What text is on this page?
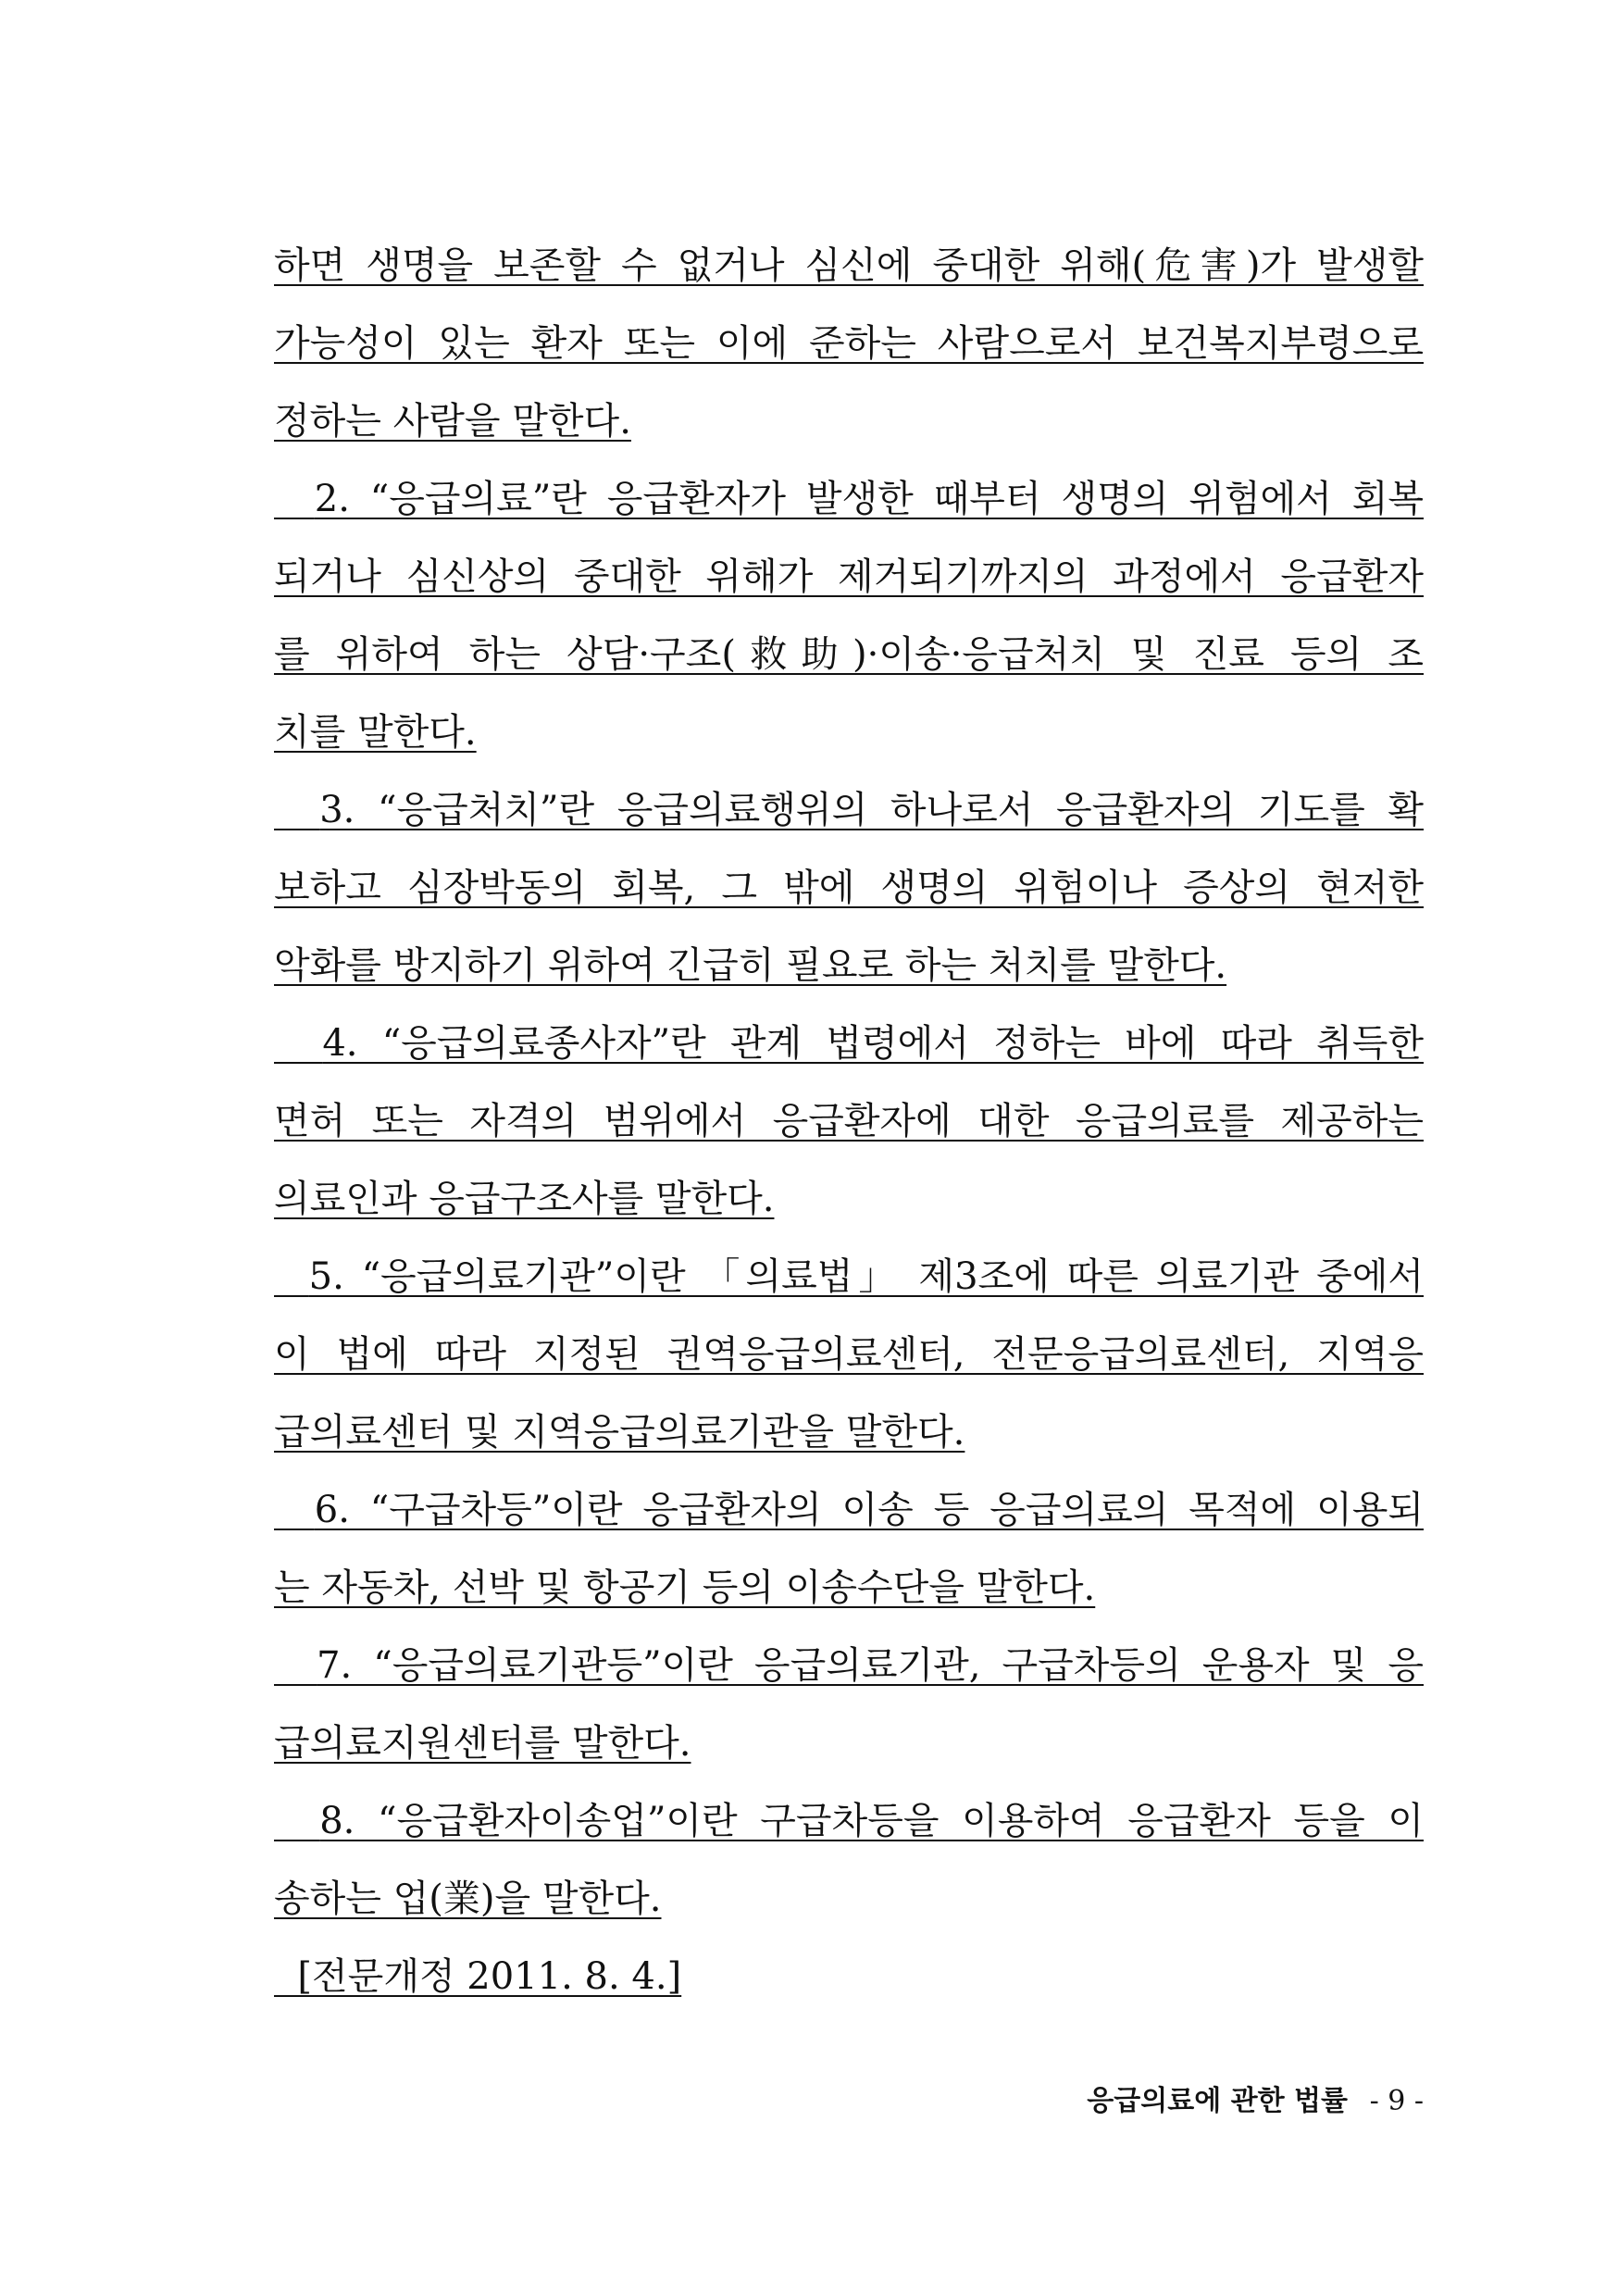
하면 생명을 보존할 수 없거나 심신에 중대한 위해(危害)가 발생할
가능성이 있는 환자 또는 이에 준하는 사람으로서 보건복지부령으로
정하는 사람을 말한다.
2. “응급의료”란 응급환자가 발생한 때부터 생명의 위험에서 회복
되거나 심신상의 중대한 위해가 제거되기까지의 과정에서 응급환자
를 위하여 하는 상담·구조(救助)·이송·응급처치 및 진료 등의 조
치를 말한다.
3. “응급처치”란 응급의료행위의 하나로서 응급환자의 기도를 확
보하고 심장박동의 회복, 그 밖에 생명의 위험이나 증상의 현저한
악화를 방지하기 위하여 긴급히 필요로 하는 처치를 말한다.
4. “응급의료종사자”란 관계 법령에서 정하는 바에 따라 취득한
면허 또는 자격의 범위에서 응급환자에 대한 응급의료를 제공하는
의료인과 응급구조사를 말한다.
5. “응급의료기관”이란 「의료법」 제3조에 따른 의료기관 중에서
이 법에 따라 지정된 권역응급의료센터, 전문응급의료센터, 지역응
급의료센터 및 지역응급의료기관을 말한다.
6. “구급차등”이란 응급환자의 이송 등 응급의료의 목적에 이용되
는 자동차, 선박 및 항공기 등의 이송수단을 말한다.
7. “응급의료기관등”이란 응급의료기관, 구급차등의 운용자 및 응
급의료지원센터를 말한다.
8. “응급환자이송업”이란 구급차등을 이용하여 응급환자 등을 이
송하는 업(業)을 말한다.
[전문개정 2011. 8. 4.]
응급의료에 관한 법률 - 9 -
